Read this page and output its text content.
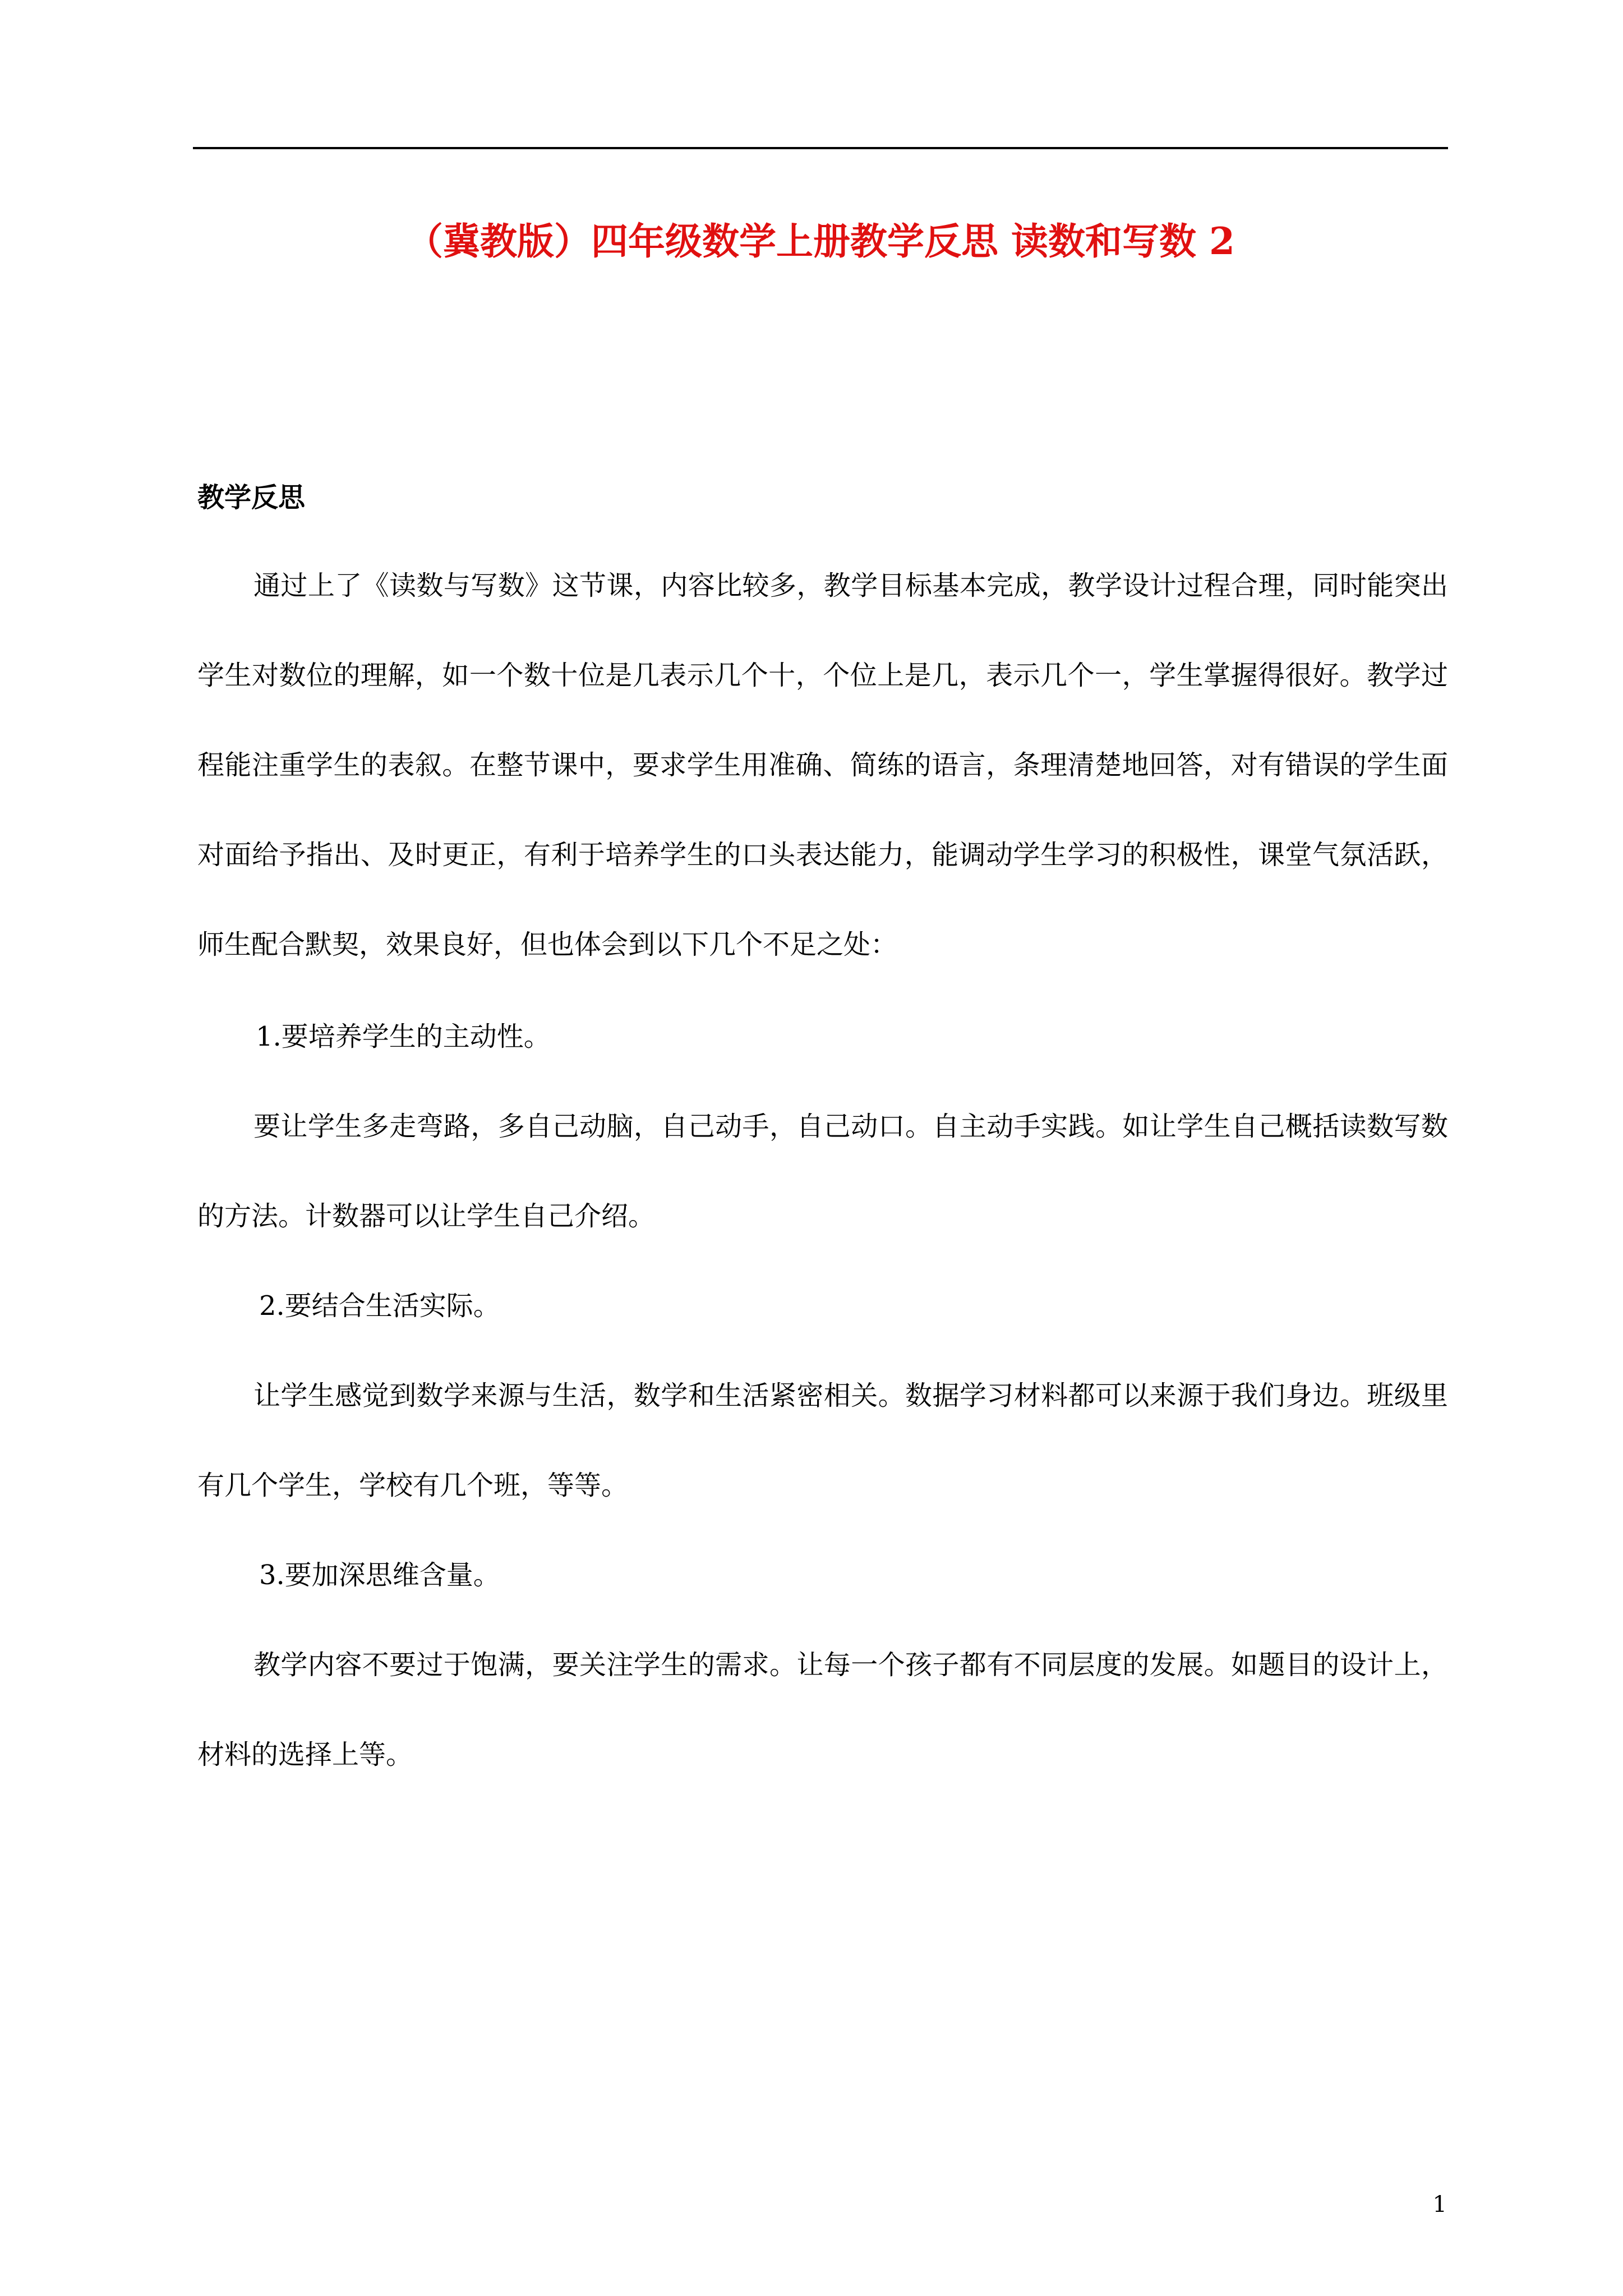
（冀教版）四年级数学上册教学反思 读数和写数 2
教学反思

通过上了《读数与写数》这节课，内容比较多，教学目标基本完成，教学设计过程合理，同时能突出学生对数位的理解，如一个数十位是几表示几个十，个位上是几，表示几个一，学生掌握得很好。教学过程能注重学生的表叙。在整节课中，要求学生用准确、简练的语言，条理清楚地回答，对有错误的学生面对面给予指出、及时更正，有利于培养学生的口头表达能力，能调动学生学习的积极性，课堂气氛活跃，师生配合默契，效果良好，但也体会到以下几个不足之处：

1.要培养学生的主动性。

要让学生多走弯路，多自己动脑，自己动手，自己动口。自主动手实践。如让学生自己概括读数写数的方法。计数器可以让学生自己介绍。

2.要结合生活实际。

让学生感觉到数学来源与生活，数学和生活紧密相关。数据学习材料都可以来源于我们身边。班级里有几个学生，学校有几个班，等等。

3.要加深思维含量。

教学内容不要过于饱满，要关注学生的需求。让每一个孩子都有不同层度的发展。如题目的设计上，材料的选择上等。

1
